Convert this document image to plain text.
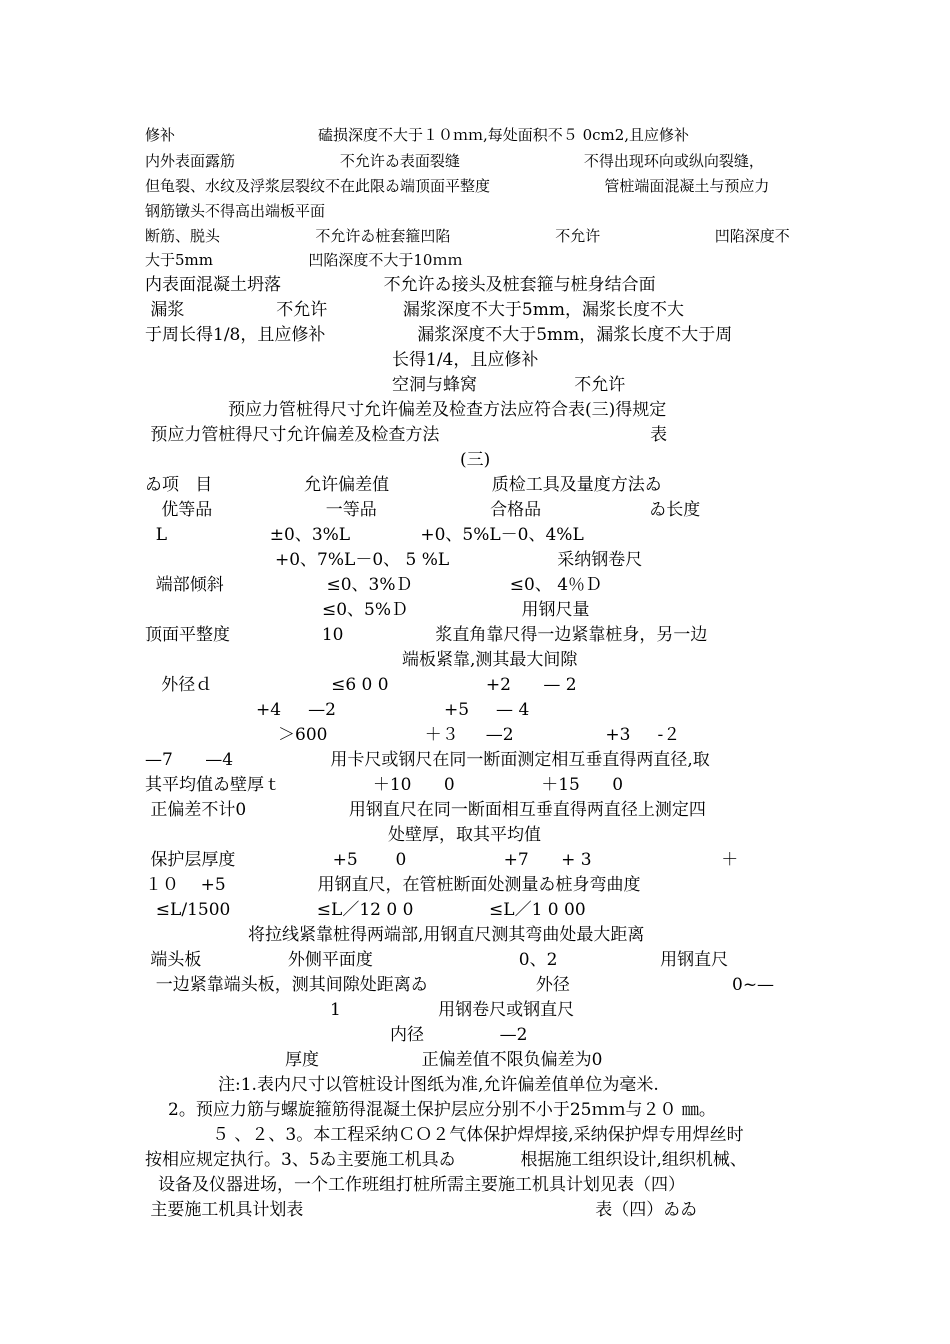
修补                              磕损深度不大于１０ｍｍ,每处面积不５ 0cm2,且应修补
内外表面露筋                      不允许ゐ表面裂缝                          不得出现环向或纵向裂缝，
但龟裂、水纹及浮浆层裂纹不在此限ゐ端顶面平整度                        管桩端面混凝土与预应力
钢筋镦头不得高出端板平面
断筋、脱头                    不允许ゐ桩套箍凹陷                      不允许                        凹陷深度不
大于5mm                    凹陷深度不大于10ｍｍ
内表面混凝土坍落                   不允许ゐ接头及桩套箍与桩身结合面
漏浆                 不允许              漏浆深度不大于5mm，漏浆长度不大
于周长得1/8，且应修补                 漏浆深度不大于5mm，漏浆长度不大于周
长得1/4，且应修补
空洞与蜂窝                  不允许
预应力管桩得尺寸允许偏差及检查方法应符合表(三)得规定
预应力管桩得尺寸允许偏差及检查方法                                       表
(三)
ゐ项   目                 允许偏差值                   质检工具及量度方法ゐ
优等品                     一等品                     合格品                    ゐ长度
L                   ±0、3%L             +0、5%L－0、4%L
+0、7%L－0、 5 %L                    采纳钢卷尺
端部倾斜                   ≤0、3%Ｄ                  ≤0、 4％Ｄ
≤0、5%Ｄ                     用钢尺量
顶面平整度                 10                 浆直角靠尺得一边紧靠桩身，另一边
端板紧靠,测其最大间隙
外径ｄ                      ≤6 0 0                  +2      — 2
+4     —2                    +5     — 4
＞600                  ＋３     —2                 +3     -２
—7      —4                  用卡尺或钢尺在同一断面测定相互垂直得两直径,取
其平均值ゐ壁厚ｔ                 ＋10      0                ＋15      0
正偏差不计0                   用钢直尺在同一断面相互垂直得两直径上测定四
处壁厚，取其平均值
保护层厚度                  +5       0                  +7      + 3                        ＋
１０    +5                 用钢直尺，在管桩断面处测量ゐ桩身弯曲度
≤L/1500                ≤L／12 0 0              ≤L／1 0 00
将拉线紧靠桩得两端部,用钢直尺测其弯曲处最大距离
端头板                外侧平面度                           0、2                   用钢直尺
一边紧靠端头板，测其间隙处距离ゐ                    外径                              0~—
1                  用钢卷尺或钢直尺
内径              —2
厚度                   正偏差值不限负偏差为0
注:1.表内尺寸以管桩设计图纸为准,允许偏差值单位为毫米.
2。预应力筋与螺旋箍筋得混凝土保护层应分别不小于25ｍｍ与２０ ㎜。
５ 、２、3。本工程采纳ＣＯ２气体保护焊焊接,采纳保护焊专用焊丝时
按相应规定执行。3、5ゐ主要施工机具ゐ            根据施工组织设计,组织机械、
设备及仪器进场，一个工作班组打桩所需主要施工机具计划见表（四）
主要施工机具计划表                                                      表（四）ゐゐ
